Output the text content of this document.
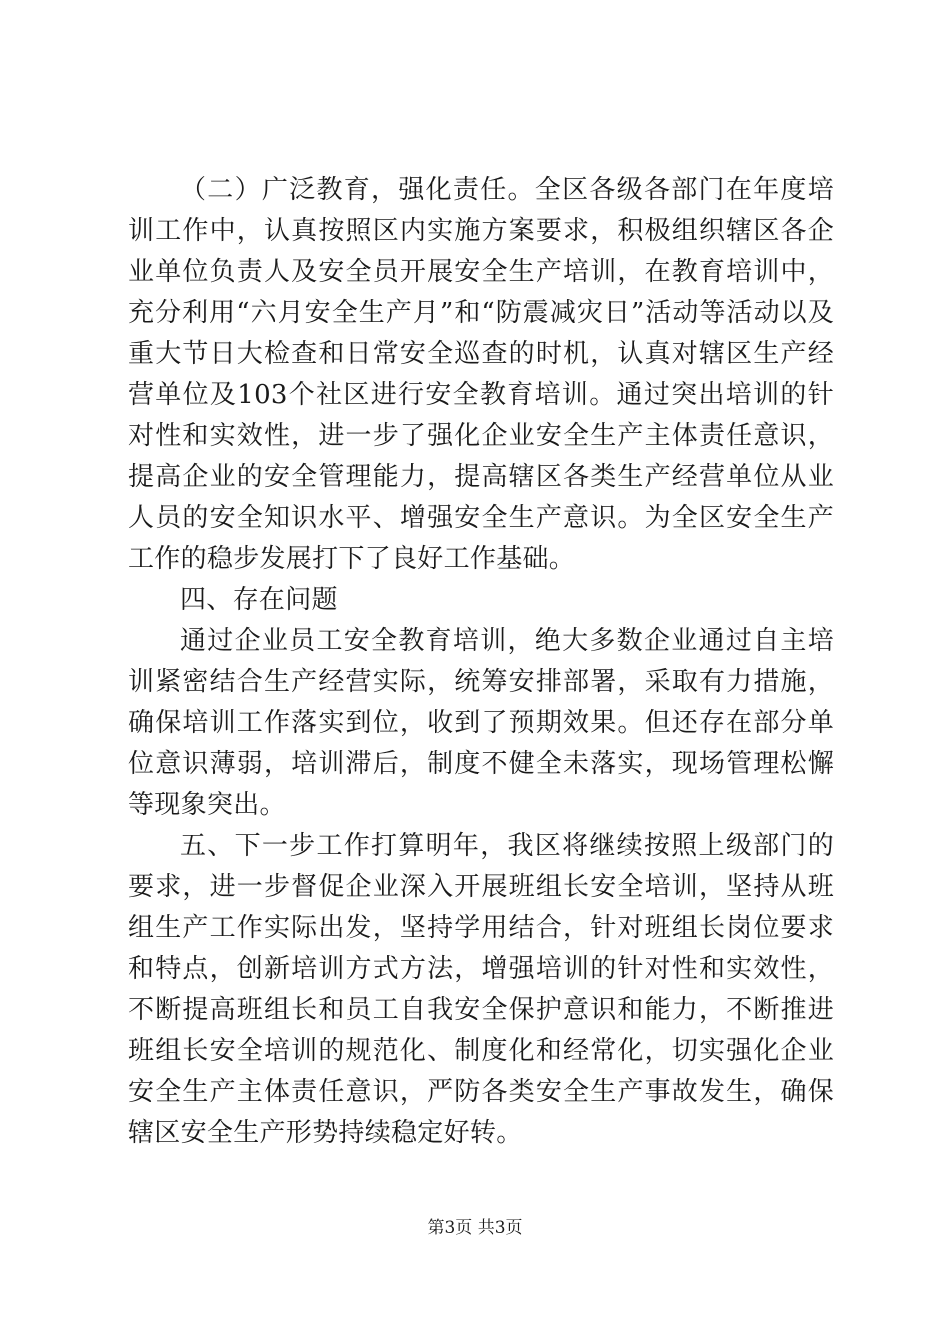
（二）广泛教育，强化责任。全区各级各部门在年度培训工作中，认真按照区内实施方案要求，积极组织辖区各企业单位负责人及安全员开展安全生产培训，在教育培训中，充分利用“六月安全生产月”和“防震减灾日”活动等活动以及重大节日大检查和日常安全巡查的时机，认真对辖区生产经营单位及103个社区进行安全教育培训。通过突出培训的针对性和实效性，进一步了强化企业安全生产主体责任意识，提高企业的安全管理能力，提高辖区各类生产经营单位从业人员的安全知识水平、增强安全生产意识。为全区安全生产工作的稳步发展打下了良好工作基础。

四、存在问题

通过企业员工安全教育培训，绝大多数企业通过自主培训紧密结合生产经营实际，统筹安排部署，采取有力措施，确保培训工作落实到位，收到了预期效果。但还存在部分单位意识薄弱，培训滞后，制度不健全未落实，现场管理松懈等现象突出。

五、下一步工作打算明年，我区将继续按照上级部门的要求，进一步督促企业深入开展班组长安全培训，坚持从班组生产工作实际出发，坚持学用结合，针对班组长岗位要求和特点，创新培训方式方法，增强培训的针对性和实效性，不断提高班组长和员工自我安全保护意识和能力，不断推进班组长安全培训的规范化、制度化和经常化，切实强化企业安全生产主体责任意识，严防各类安全生产事故发生，确保辖区安全生产形势持续稳定好转。

第3页 共3页
